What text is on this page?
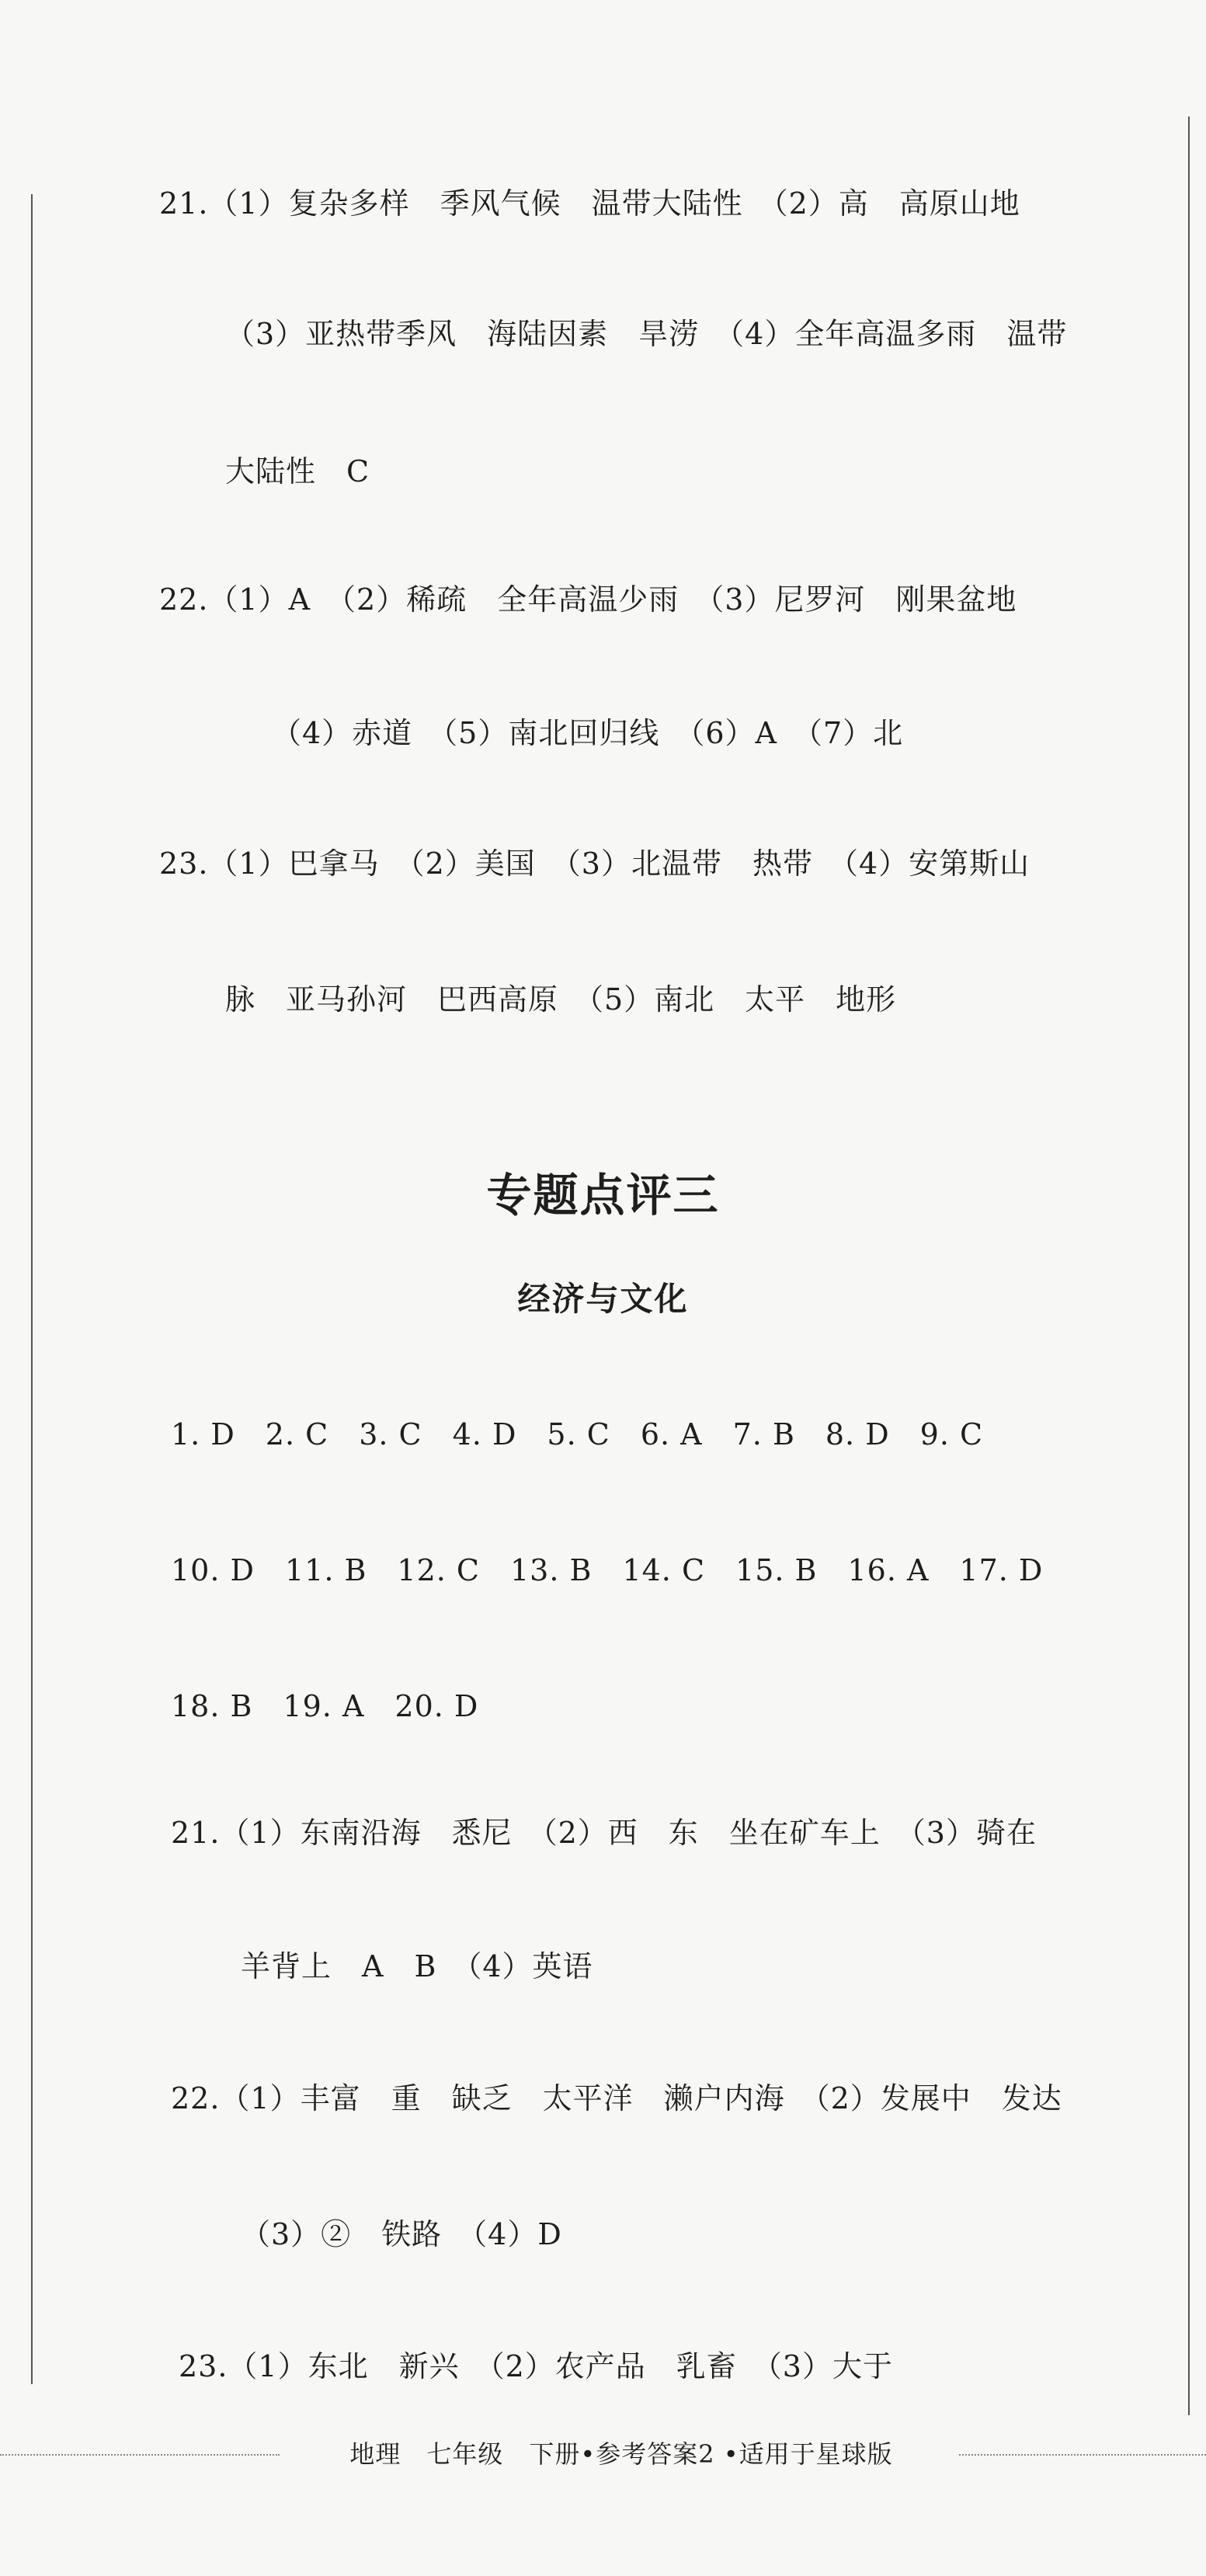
21.（1）复杂多样　季风气候　温带大陆性　（2）高　高原山地
（3）亚热带季风　海陆因素　旱涝　（4）全年高温多雨　温带
大陆性　C
22.（1）A　（2）稀疏　全年高温少雨　（3）尼罗河　刚果盆地
（4）赤道　（5）南北回归线　（6）A　（7）北
23.（1）巴拿马　（2）美国　（3）北温带　热带　（4）安第斯山
脉　亚马孙河　巴西高原　（5）南北　太平　地形
专题点评三
经济与文化
1. D　2. C　3. C　4. D　5. C　6. A　7. B　8. D　9. C
10. D　11. B　12. C　13. B　14. C　15. B　16. A　17. D
18. B　19. A　20. D
21.（1）东南沿海　悉尼　（2）西　东　坐在矿车上　（3）骑在
羊背上　A　B　（4）英语
22.（1）丰富　重　缺乏　太平洋　濑户内海　（2）发展中　发达
（3）②　铁路　（4）D
23.（1）东北　新兴　（2）农产品　乳畜　（3）大于
地理　七年级　下册•参考答案2 •适用于星球版
